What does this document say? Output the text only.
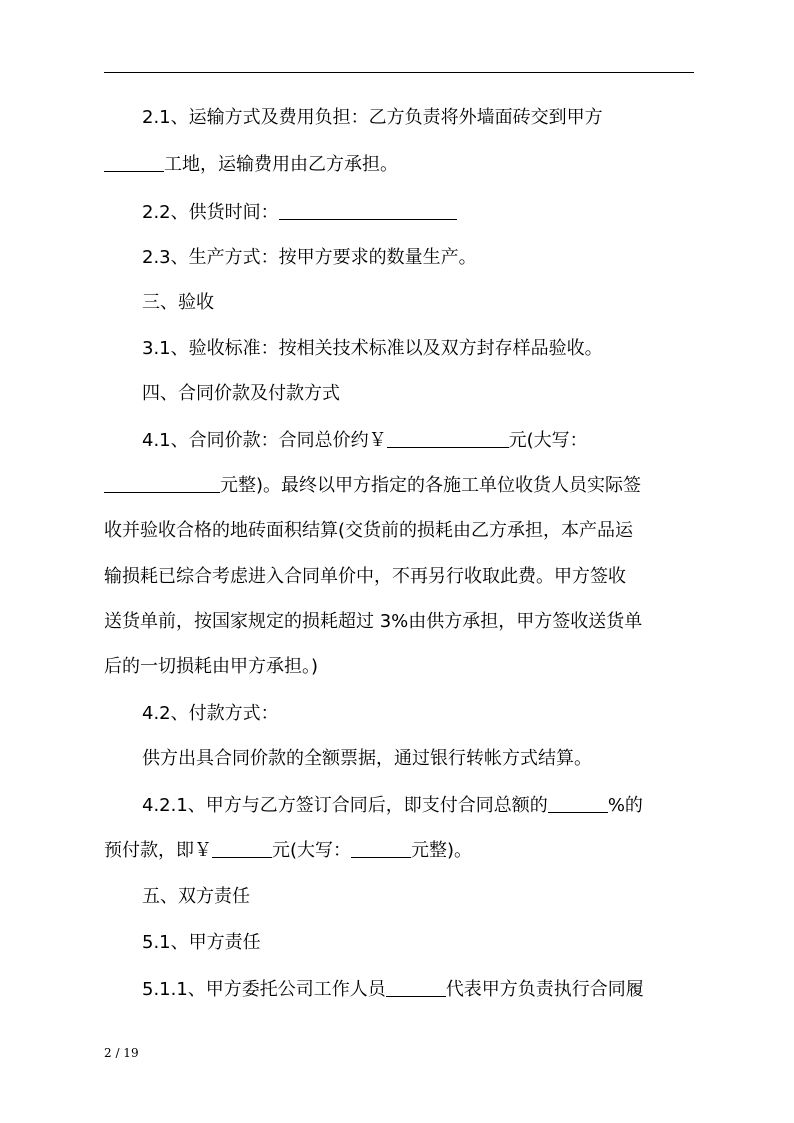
2.1、运输方式及费用负担：乙方负责将外墙面砖交到甲方
工地，运输费用由乙方承担。
2.2、供货时间：
2.3、生产方式：按甲方要求的数量生产。
三、验收
3.1、验收标准：按相关技术标准以及双方封存样品验收。
四、合同价款及付款方式
4.1、合同价款：合同总价约￥	元(大写：
元整)。最终以甲方指定的各施工单位收货人员实际签
收并验收合格的地砖面积结算(交货前的损耗由乙方承担，本产品运
输损耗已综合考虑进入合同单价中，不再另行收取此费。甲方签收
送货单前，按国家规定的损耗超过 3%由供方承担，甲方签收送货单
后的一切损耗由甲方承担。)
4.2、付款方式：
供方出具合同价款的全额票据，通过银行转帐方式结算。
4.2.1、甲方与乙方签订合同后，即支付合同总额的	%的
预付款，即￥	元(大写：	元整)。
五、双方责任
5.1、甲方责任
5.1.1、甲方委托公司工作人员	代表甲方负责执行合同履
2 / 19
